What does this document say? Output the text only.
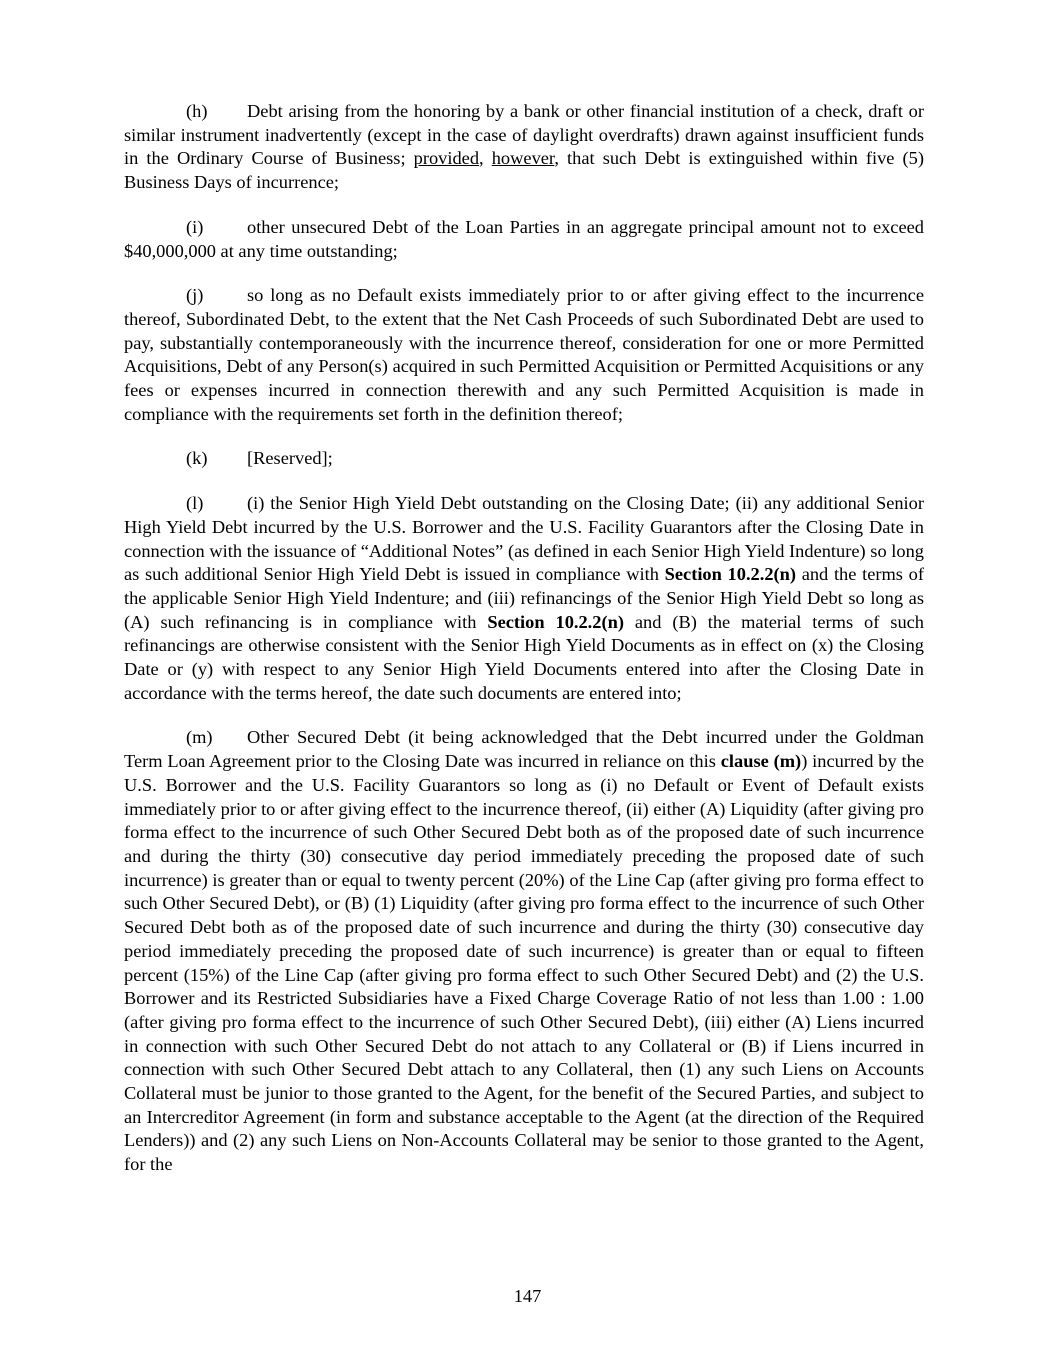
(h) Debt arising from the honoring by a bank or other financial institution of a check, draft or similar instrument inadvertently (except in the case of daylight overdrafts) drawn against insufficient funds in the Ordinary Course of Business; provided, however, that such Debt is extinguished within five (5) Business Days of incurrence;

(i) other unsecured Debt of the Loan Parties in an aggregate principal amount not to exceed $40,000,000 at any time outstanding;

(j) so long as no Default exists immediately prior to or after giving effect to the incurrence thereof, Subordinated Debt, to the extent that the Net Cash Proceeds of such Subordinated Debt are used to pay, substantially contemporaneously with the incurrence thereof, consideration for one or more Permitted Acquisitions, Debt of any Person(s) acquired in such Permitted Acquisition or Permitted Acquisitions or any fees or expenses incurred in connection therewith and any such Permitted Acquisition is made in compliance with the requirements set forth in the definition thereof;

(k) [Reserved];

(l) (i) the Senior High Yield Debt outstanding on the Closing Date; (ii) any additional Senior High Yield Debt incurred by the U.S. Borrower and the U.S. Facility Guarantors after the Closing Date in connection with the issuance of “Additional Notes” (as defined in each Senior High Yield Indenture) so long as such additional Senior High Yield Debt is issued in compliance with Section 10.2.2(n) and the terms of the applicable Senior High Yield Indenture; and (iii) refinancings of the Senior High Yield Debt so long as (A) such refinancing is in compliance with Section 10.2.2(n) and (B) the material terms of such refinancings are otherwise consistent with the Senior High Yield Documents as in effect on (x) the Closing Date or (y) with respect to any Senior High Yield Documents entered into after the Closing Date in accordance with the terms hereof, the date such documents are entered into;

(m) Other Secured Debt (it being acknowledged that the Debt incurred under the Goldman Term Loan Agreement prior to the Closing Date was incurred in reliance on this clause (m)) incurred by the U.S. Borrower and the U.S. Facility Guarantors so long as (i) no Default or Event of Default exists immediately prior to or after giving effect to the incurrence thereof, (ii) either (A) Liquidity (after giving pro forma effect to the incurrence of such Other Secured Debt both as of the proposed date of such incurrence and during the thirty (30) consecutive day period immediately preceding the proposed date of such incurrence) is greater than or equal to twenty percent (20%) of the Line Cap (after giving pro forma effect to such Other Secured Debt), or (B) (1) Liquidity (after giving pro forma effect to the incurrence of such Other Secured Debt both as of the proposed date of such incurrence and during the thirty (30) consecutive day period immediately preceding the proposed date of such incurrence) is greater than or equal to fifteen percent (15%) of the Line Cap (after giving pro forma effect to such Other Secured Debt) and (2) the U.S. Borrower and its Restricted Subsidiaries have a Fixed Charge Coverage Ratio of not less than 1.00 : 1.00 (after giving pro forma effect to the incurrence of such Other Secured Debt), (iii) either (A) Liens incurred in connection with such Other Secured Debt do not attach to any Collateral or (B) if Liens incurred in connection with such Other Secured Debt attach to any Collateral, then (1) any such Liens on Accounts Collateral must be junior to those granted to the Agent, for the benefit of the Secured Parties, and subject to an Intercreditor Agreement (in form and substance acceptable to the Agent (at the direction of the Required Lenders)) and (2) any such Liens on Non-Accounts Collateral may be senior to those granted to the Agent, for the

147
